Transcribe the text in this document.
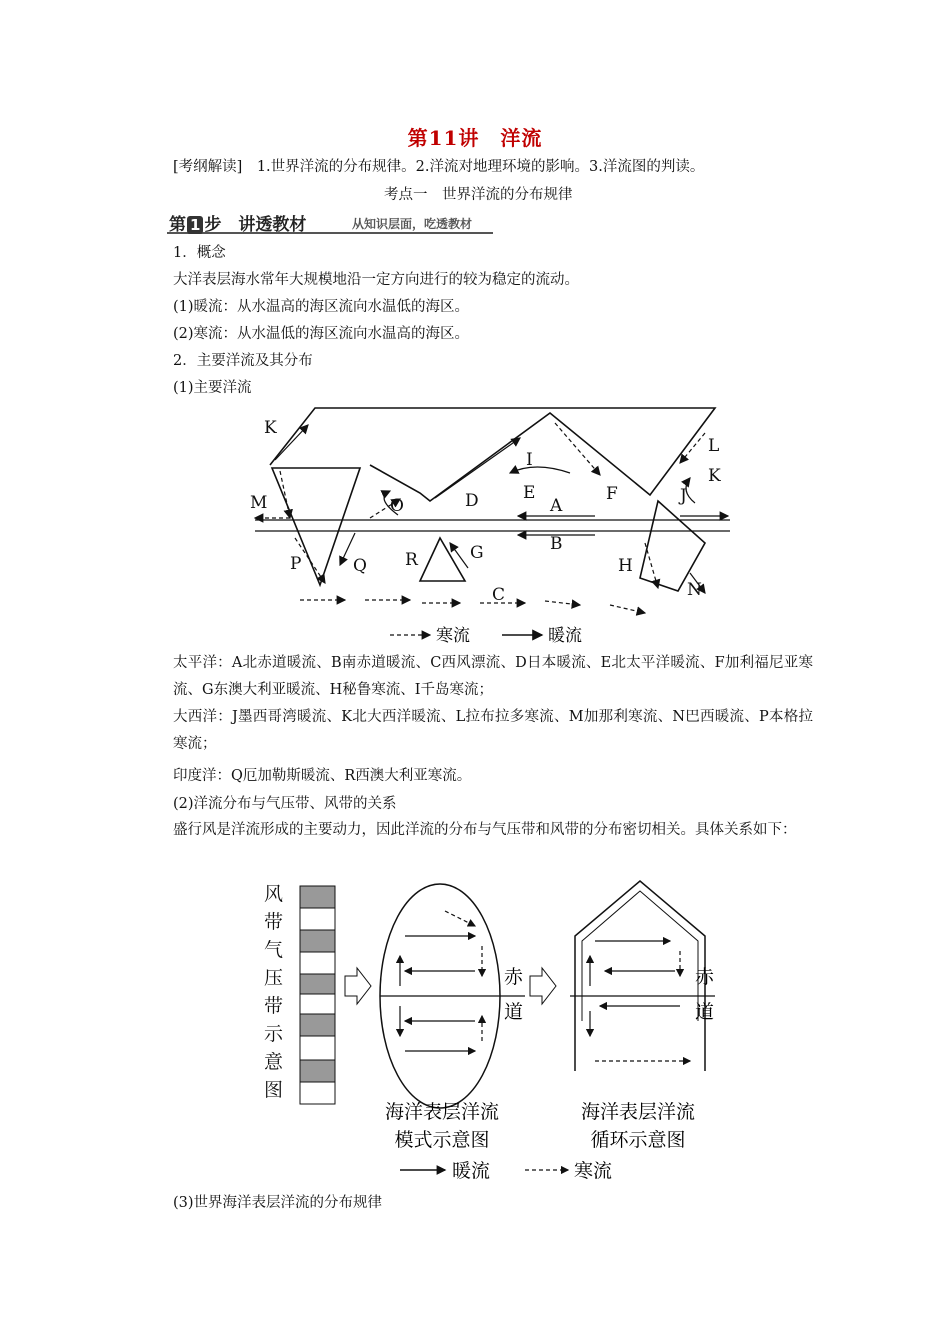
第11讲　洋流
[考纲解读]　1.世界洋流的分布规律。2.洋流对地理环境的影响。3.洋流图的判读。
考点一　世界洋流的分布规律
第 1 步　讲透教材	从知识层面，吃透教材
1．概念
大洋表层海水常年大规模地沿一定方向进行的较为稳定的流动。
(1)暖流：从水温高的海区流向水温低的海区。
(2)寒流：从水温低的海区流向水温高的海区。
2．主要洋流及其分布
(1)主要洋流
K
M
P	Q
O
R	G
D
I
E
A
B
C
F	J
L
K
H
N
寒流	暖流
太平洋：A北赤道暖流、B南赤道暖流、C西风漂流、D日本暖流、E北太平洋暖流、F加利福尼亚寒流、G东澳大利亚暖流、H秘鲁寒流、I千岛寒流；
大西洋：J墨西哥湾暖流、K北大西洋暖流、L拉布拉多寒流、M加那利寒流、N巴西暖流、P本格拉寒流；
印度洋：Q厄加勒斯暖流、R西澳大利亚寒流。
(2)洋流分布与气压带、风带的关系
盛行风是洋流形成的主要动力，因此洋流的分布与气压带和风带的分布密切相关。具体关系如下：
风
带
气
压
带
示
意
图
赤
道
赤
道
海洋表层洋流
模式示意图
海洋表层洋流
循环示意图
暖流	寒流
(3)世界海洋表层洋流的分布规律
